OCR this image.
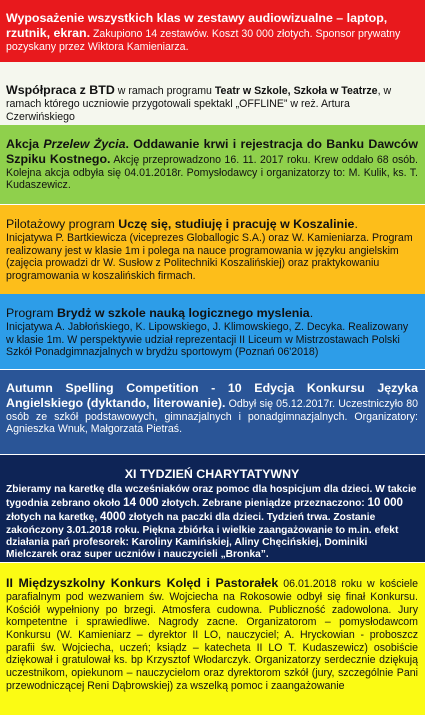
Wyposażenie wszystkich klas w zestawy audiowizualne – laptop, rzutnik, ekran. Zakupiono 14 zestawów. Koszt 30 000 złotych. Sponsor prywatny pozyskany przez Wiktora Kamieniarza.

Współpraca z BTD w ramach programu Teatr w Szkole, Szkoła w Teatrze, w ramach którego uczniowie przygotowali spektakl „OFFLINE” w reż. Artura Czerwińskiego

Akcja Przelew Życia. Oddawanie krwi i rejestracja do Banku Dawców Szpiku Kostnego. Akcję przeprowadzono 16. 11. 2017 roku. Krew oddało 68 osób. Kolejna akcja odbyła się 04.01.2018r. Pomysłodawcy i organizatorzy to: M. Kulik, ks. T. Kudaszewicz.

Pilotażowy program Uczę się, studiuję i pracuję w Koszalinie.
Inicjatywa P. Bartkiewicza (viceprezes Globallogic S.A.) oraz W. Kamieniarza. Program realizowany jest w klasie 1m i polega na nauce programowania w języku angielskim (zajęcia prowadzi dr W. Susłow z Politechniki Koszalińskiej) oraz praktykowaniu programowania w koszalińskich firmach.

Program Brydż w szkole nauką logicznego myslenia.
Inicjatywa A. Jabłońskiego, K. Lipowskiego, J. Klimowskiego, Z. Decyka. Realizowany w klasie 1m. W perspektywie udział reprezentacji II Liceum w Mistrzostawach Polski Szkół Ponadgimnazjalnych w brydżu sportowym (Poznań 06'2018)

Autumn Spelling Competition - 10 Edycja Konkursu Języka Angielskiego (dyktando, literowanie). Odbył się 05.12.2017r. Uczestniczyło 80 osób ze szkół podstawowych, gimnazjalnych i ponadgimnazjalnych. Organizatory: Agnieszka Wnuk, Małgorzata Pietraś.

XI TYDZIEŃ CHARYTATYWNY

Zbieramy na karetkę dla wcześniaków oraz pomoc dla hospicjum dla dzieci. W takcie tygodnia zebrano około 14 000 złotych. Zebrane pieniądze przeznaczono: 10 000 złotych na karetkę, 4000 złotych na paczki dla dzieci. Tydzień trwa. Zostanie zakończony 3.01.2018 roku. Piękna zbiórka i wielkie zaangażowanie to m.in. efekt działania pań profesorek: Karoliny Kamińskiej, Aliny Chęcińskiej, Dominiki Mielczarek oraz super uczniów i nauczycieli „Bronka”.

II Międzyszkolny Konkurs Kolęd i Pastorałek 06.01.2018 roku w kościele parafialnym pod wezwaniem św. Wojciecha na Rokosowie odbył się finał Konkursu. Kościół wypełniony po brzegi. Atmosfera cudowna. Publiczność zadowolona. Jury kompetentne i sprawiedliwe. Nagrody zacne. Organizatorom – pomysłodawcom Konkursu (W. Kamieniarz – dyrektor II LO, nauczyciel; A. Hryckowian - proboszcz parafii św. Wojciecha, uczeń; ksiądz – katecheta II LO T. Kudaszewicz) osobiście dziękował i gratulował ks. bp Krzysztof Włodarczyk. Organizatorzy serdecznie dziękują uczestnikom, opiekunom – nauczycielom oraz dyrektorom szkół (jury, szczególnie Pani przewodniczącej Reni Dąbrowskiej) za wszelką pomoc i zaangażowanie
